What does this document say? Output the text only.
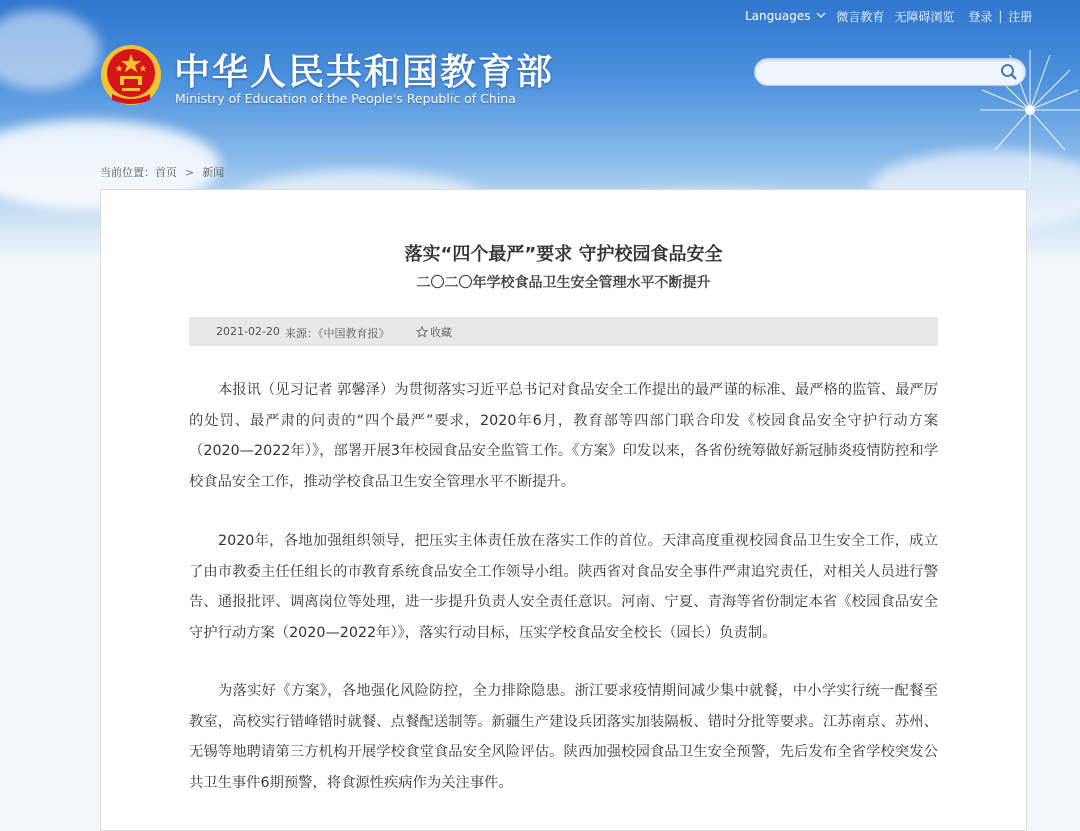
Languages	微言教育 无障碍浏览 登录 | 注册
中华人民共和国教育部
Ministry of Education of the People's Republic of China
当前位置：首页 > 新闻
落实“四个最严”要求 守护校园食品安全
二〇二〇年学校食品卫生安全管理水平不断提升
2021-02-20 来源：《中国教育报》	收藏
本报讯（见习记者 郭馨泽）为贯彻落实习近平总书记对食品安全工作提出的最严谨的标准、最严格的监管、最严厉的处罚、最严肃的问责的“四个最严”要求，2020年6月，教育部等四部门联合印发《校园食品安全守护行动方案（2020—2022年）》，部署开展3年校园食品安全监管工作。《方案》印发以来，各省份统筹做好新冠肺炎疫情防控和学校食品安全工作，推动学校食品卫生安全管理水平不断提升。
2020年，各地加强组织领导，把压实主体责任放在落实工作的首位。天津高度重视校园食品卫生安全工作，成立了由市教委主任任组长的市教育系统食品安全工作领导小组。陕西省对食品安全事件严肃追究责任，对相关人员进行警告、通报批评、调离岗位等处理，进一步提升负责人安全责任意识。河南、宁夏、青海等省份制定本省《校园食品安全守护行动方案（2020—2022年）》，落实行动目标，压实学校食品安全校长（园长）负责制。
为落实好《方案》，各地强化风险防控，全力排除隐患。浙江要求疫情期间减少集中就餐，中小学实行统一配餐至教室，高校实行错峰错时就餐、点餐配送制等。新疆生产建设兵团落实加装隔板、错时分批等要求。江苏南京、苏州、无锡等地聘请第三方机构开展学校食堂食品安全风险评估。陕西加强校园食品卫生安全预警，先后发布全省学校突发公共卫生事件6期预警，将食源性疾病作为关注事件。
